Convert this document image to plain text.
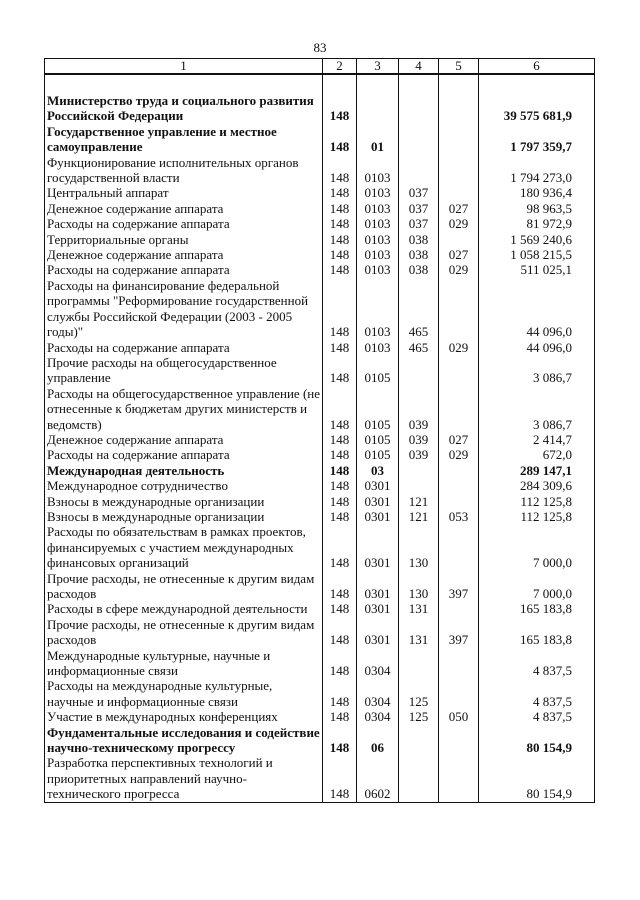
83
1	2	3	4	5	6

Министерство труда и социального развития Российской Федерации	148				39 575 681,9
Государственное управление и местное самоуправление	148	01			1 797 359,7
Функционирование исполнительных органов государственной власти	148	0103			1 794 273,0
Центральный аппарат	148	0103	037		180 936,4
Денежное содержание аппарата	148	0103	037	027	98 963,5
Расходы на содержание аппарата	148	0103	037	029	81 972,9
Территориальные органы	148	0103	038		1 569 240,6
Денежное содержание аппарата	148	0103	038	027	1 058 215,5
Расходы на содержание аппарата	148	0103	038	029	511 025,1
Расходы на финансирование федеральной программы "Реформирование государственной службы Российской Федерации (2003 - 2005 годы)"	148	0103	465		44 096,0
Расходы на содержание аппарата	148	0103	465	029	44 096,0
Прочие расходы на общегосударственное управление	148	0105			3 086,7
Расходы на общегосударственное управление (не отнесенные к бюджетам других министерств и ведомств)	148	0105	039		3 086,7
Денежное содержание аппарата	148	0105	039	027	2 414,7
Расходы на содержание аппарата	148	0105	039	029	672,0
Международная деятельность	148	03			289 147,1
Международное сотрудничество	148	0301			284 309,6
Взносы в международные организации	148	0301	121		112 125,8
Взносы в международные организации	148	0301	121	053	112 125,8
Расходы по обязательствам в рамках проектов, финансируемых с участием международных финансовых организаций	148	0301	130		7 000,0
Прочие расходы, не отнесенные к другим видам расходов	148	0301	130	397	7 000,0
Расходы в сфере международной деятельности	148	0301	131		165 183,8
Прочие расходы, не отнесенные к другим видам расходов	148	0301	131	397	165 183,8
Международные культурные, научные и информационные связи	148	0304			4 837,5
Расходы на международные культурные, научные и информационные связи	148	0304	125		4 837,5
Участие в международных конференциях	148	0304	125	050	4 837,5
Фундаментальные исследования и содействие научно-техническому прогрессу	148	06			80 154,9
Разработка перспективных технологий и приоритетных направлений научно-технического прогресса	148	0602			80 154,9
